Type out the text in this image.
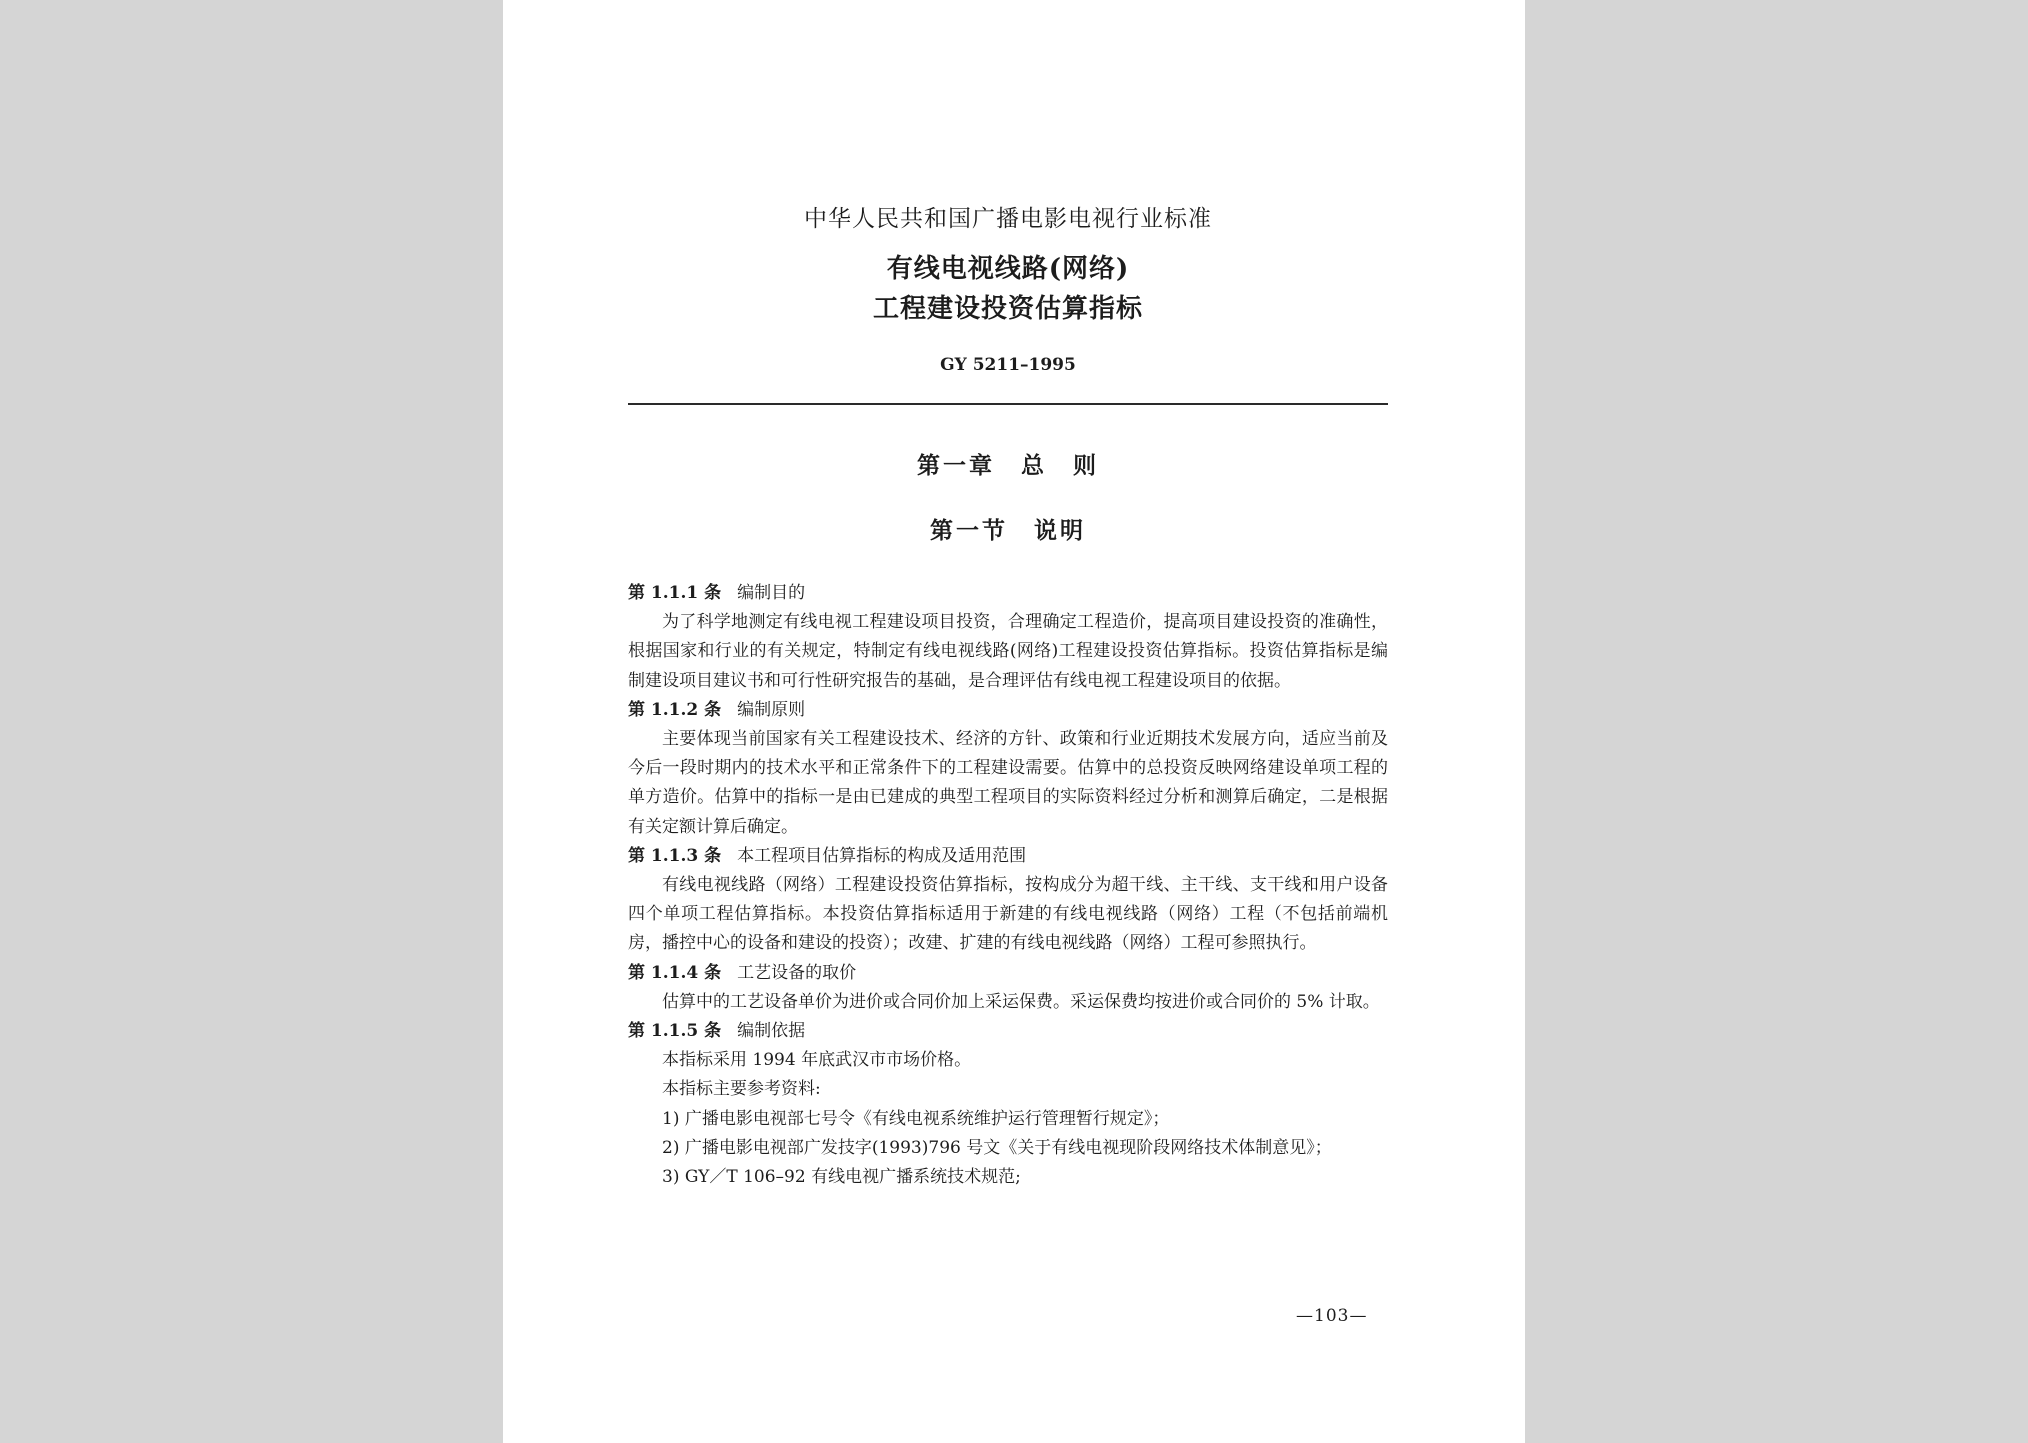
中华人民共和国广播电影电视行业标准

有线电视线路(网络)

工程建设投资估算指标

GY 5211–1995

第一章　总　则

第一节　说明

第 1.1.1 条 编制目的

为了科学地测定有线电视工程建设项目投资，合理确定工程造价，提高项目建设投资的准确性，根据国家和行业的有关规定，特制定有线电视线路(网络)工程建设投资估算指标。投资估算指标是编制建设项目建议书和可行性研究报告的基础，是合理评估有线电视工程建设项目的依据。

第 1.1.2 条 编制原则

主要体现当前国家有关工程建设技术、经济的方针、政策和行业近期技术发展方向，适应当前及今后一段时期内的技术水平和正常条件下的工程建设需要。估算中的总投资反映网络建设单项工程的单方造价。估算中的指标一是由已建成的典型工程项目的实际资料经过分析和测算后确定，二是根据有关定额计算后确定。

第 1.1.3 条 本工程项目估算指标的构成及适用范围

有线电视线路（网络）工程建设投资估算指标，按构成分为超干线、主干线、支干线和用户设备四个单项工程估算指标。本投资估算指标适用于新建的有线电视线路（网络）工程（不包括前端机房，播控中心的设备和建设的投资）；改建、扩建的有线电视线路（网络）工程可参照执行。

第 1.1.4 条 工艺设备的取价

估算中的工艺设备单价为进价或合同价加上采运保费。采运保费均按进价或合同价的 5% 计取。

第 1.1.5 条 编制依据

本指标采用 1994 年底武汉市市场价格。

本指标主要参考资料:

1) 广播电影电视部七号令《有线电视系统维护运行管理暂行规定》；

2) 广播电影电视部广发技字(1993)796 号文《关于有线电视现阶段网络技术体制意见》；

3) GY／T 106–92 有线电视广播系统技术规范;

—103—
